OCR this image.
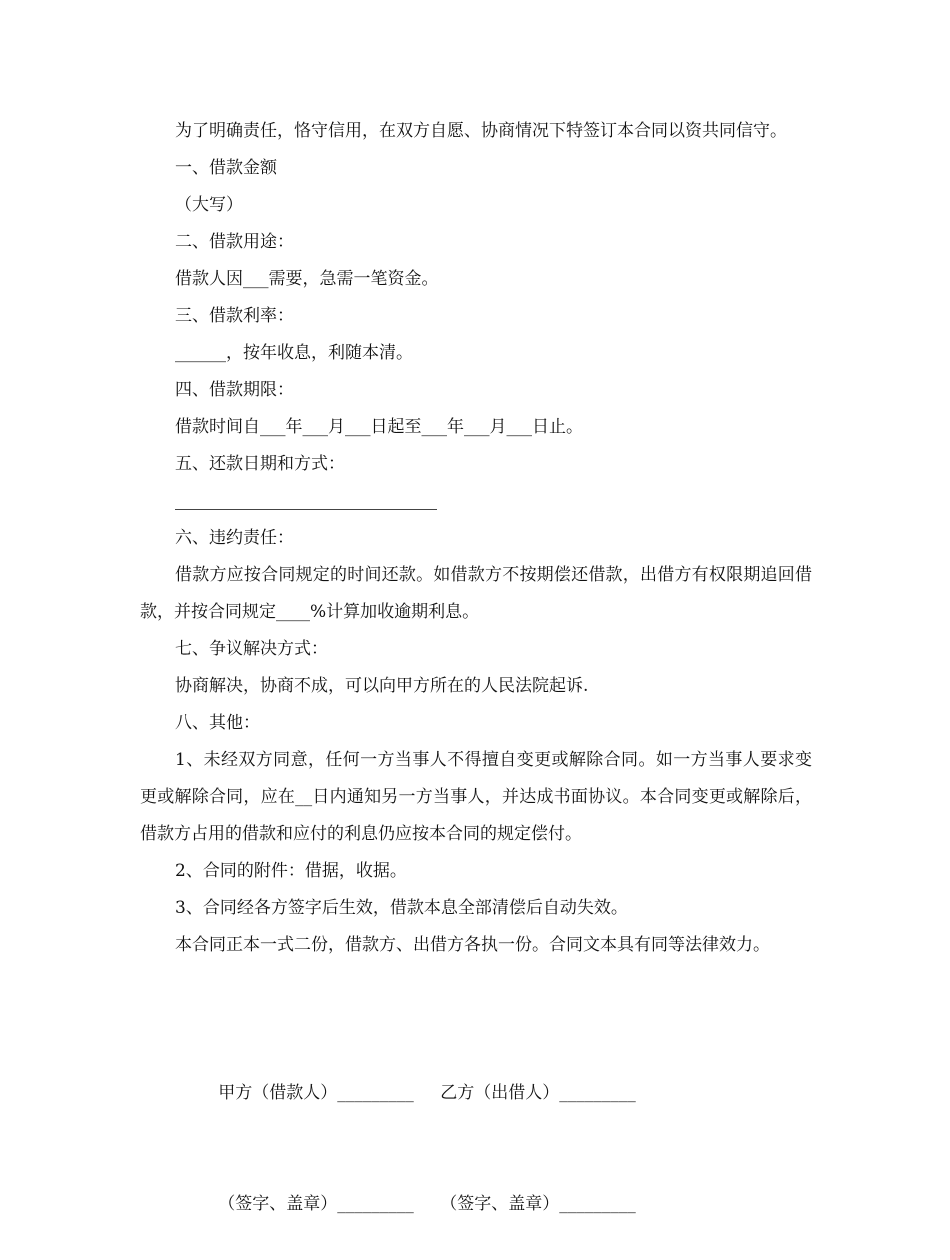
为了明确责任，恪守信用，在双方自愿、协商情况下特签订本合同以资共同信守。

一、借款金额

（大写）

二、借款用途：

借款人因___需要，急需一笔资金。

三、借款利率：

______，按年收息，利随本清。

四、借款期限：

借款时间自___年___月___日起至___年___月___日止。

五、还款日期和方式：

六、违约责任：

借款方应按合同规定的时间还款。如借款方不按期偿还借款，出借方有权限期追回借款，并按合同规定____%计算加收逾期利息。

七、争议解决方式：

协商解决，协商不成，可以向甲方所在的人民法院起诉.

八、其他：

1、未经双方同意，任何一方当事人不得擅自变更或解除合同。如一方当事人要求变更或解除合同，应在__日内通知另一方当事人，并达成书面协议。本合同变更或解除后，借款方占用的借款和应付的利息仍应按本合同的规定偿付。

2、合同的附件：借据，收据。

3、合同经各方签字后生效，借款本息全部清偿后自动失效。

本合同正本一式二份，借款方、出借方各执一份。合同文本具有同等法律效力。

甲方（借款人）_________ 乙方（出借人）_________

（签字、盖章）_________ （签字、盖章）_________
